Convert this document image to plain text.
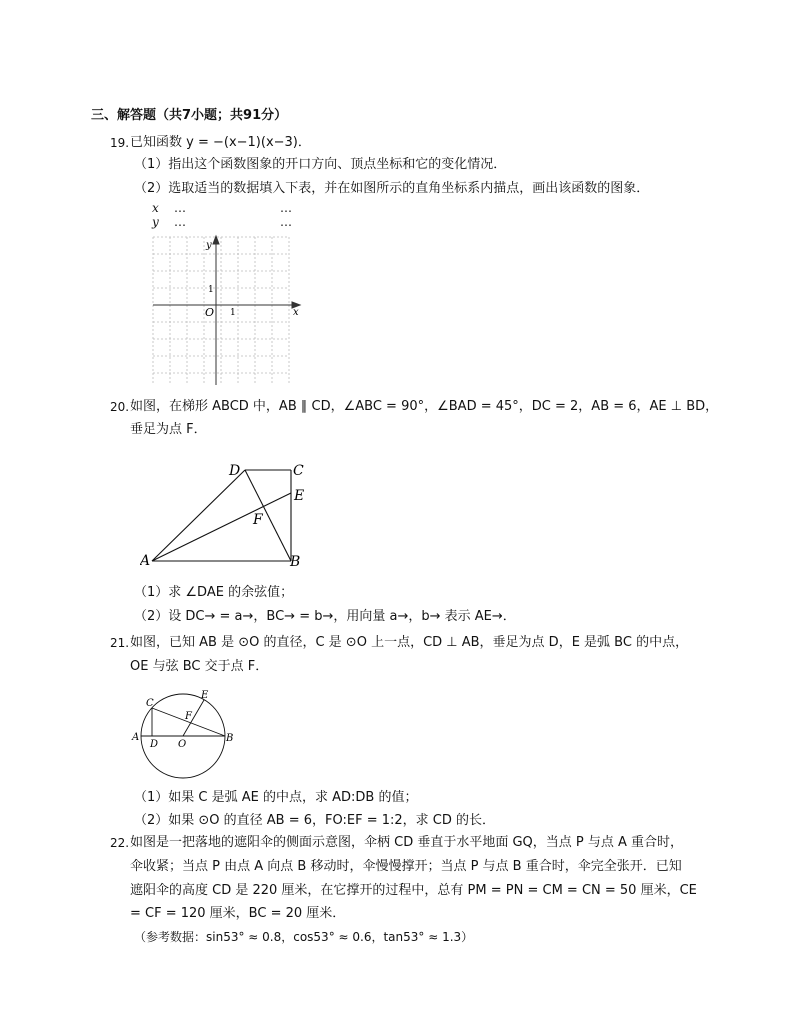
三、解答题（共7小题；共91分）
19. 已知函数 y = −(x−1)(x−3)．
（1）指出这个函数图象的开口方向、顶点坐标和它的变化情况．
（2）选取适当的数据填入下表，并在如图所示的直角坐标系内描点，画出该函数的图象．
x …	…
y …	…
y
x
O 1
1
20. 如图，在梯形 ABCD 中，AB ∥ CD，∠ABC = 90°，∠BAD = 45°，DC = 2，AB = 6，AE ⊥ BD，
垂足为点 F．
A	B
C
D
E
F
（1）求 ∠DAE 的余弦值；
（2）设 DC→ = a→，BC→ = b→，用向量 a→，b→ 表示 AE→．
21. 如图，已知 AB 是 ⊙O 的直径，C 是 ⊙O 上一点，CD ⊥ AB，垂足为点 D，E 是弧 BC 的中点，
OE 与弦 BC 交于点 F．
A	B
C
D
E
F
O
（1）如果 C 是弧 AE 的中点，求 AD:DB 的值；
（2）如果 ⊙O 的直径 AB = 6，FO:EF = 1:2，求 CD 的长．
22. 如图是一把落地的遮阳伞的侧面示意图，伞柄 CD 垂直于水平地面 GQ，当点 P 与点 A 重合时，
伞收紧；当点 P 由点 A 向点 B 移动时，伞慢慢撑开；当点 P 与点 B 重合时，伞完全张开．已知
遮阳伞的高度 CD 是 220 厘米，在它撑开的过程中，总有 PM = PN = CM = CN = 50 厘米，CE
= CF = 120 厘米，BC = 20 厘米．
（参考数据：sin53° ≈ 0.8，cos53° ≈ 0.6，tan53° ≈ 1.3）
